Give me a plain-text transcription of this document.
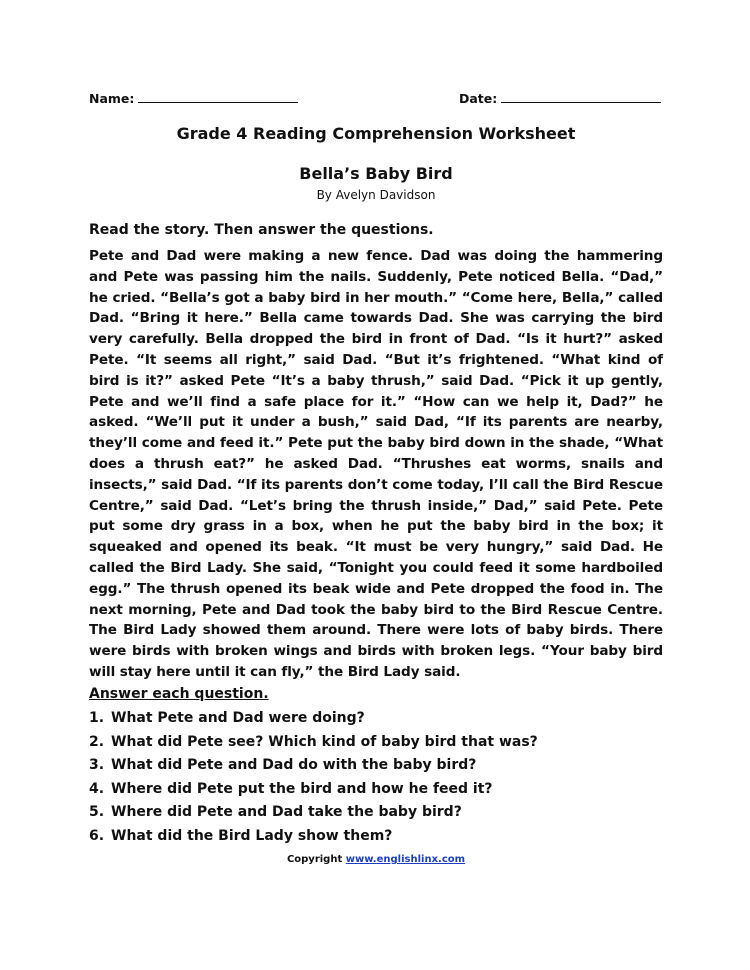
Name:	Date:
Grade 4 Reading Comprehension Worksheet
Bella’s Baby Bird
By Avelyn Davidson
Read the story. Then answer the questions.
Pete and Dad were making a new fence. Dad was doing the hammering and Pete was passing him the nails. Suddenly, Pete noticed Bella. “Dad,” he cried. “Bella’s got a baby bird in her mouth.” “Come here, Bella,” called Dad. “Bring it here.” Bella came towards Dad. She was carrying the bird very carefully. Bella dropped the bird in front of Dad. “Is it hurt?” asked Pete. “It seems all right,” said Dad. “But it’s frightened. “What kind of bird is it?” asked Pete “It’s a baby thrush,” said Dad. “Pick it up gently, Pete and we’ll find a safe place for it.” “How can we help it, Dad?” he asked. “We’ll put it under a bush,” said Dad, “If its parents are nearby, they’ll come and feed it.” Pete put the baby bird down in the shade, “What does a thrush eat?” he asked Dad. “Thrushes eat worms, snails and insects,” said Dad. “If its parents don’t come today, I’ll call the Bird Rescue Centre,” said Dad. “Let’s bring the thrush inside,” Dad,” said Pete. Pete put some dry grass in a box, when he put the baby bird in the box; it squeaked and opened its beak. “It must be very hungry,” said Dad. He called the Bird Lady. She said, “Tonight you could feed it some hardboiled egg.” The thrush opened its beak wide and Pete dropped the food in. The next morning, Pete and Dad took the baby bird to the Bird Rescue Centre. The Bird Lady showed them around. There were lots of baby birds. There were birds with broken wings and birds with broken legs. “Your baby bird will stay here until it can fly,” the Bird Lady said.
Answer each question.
1. What Pete and Dad were doing?
2. What did Pete see? Which kind of baby bird that was?
3. What did Pete and Dad do with the baby bird?
4. Where did Pete put the bird and how he feed it?
5. Where did Pete and Dad take the baby bird?
6. What did the Bird Lady show them?
Copyright www.englishlinx.com
